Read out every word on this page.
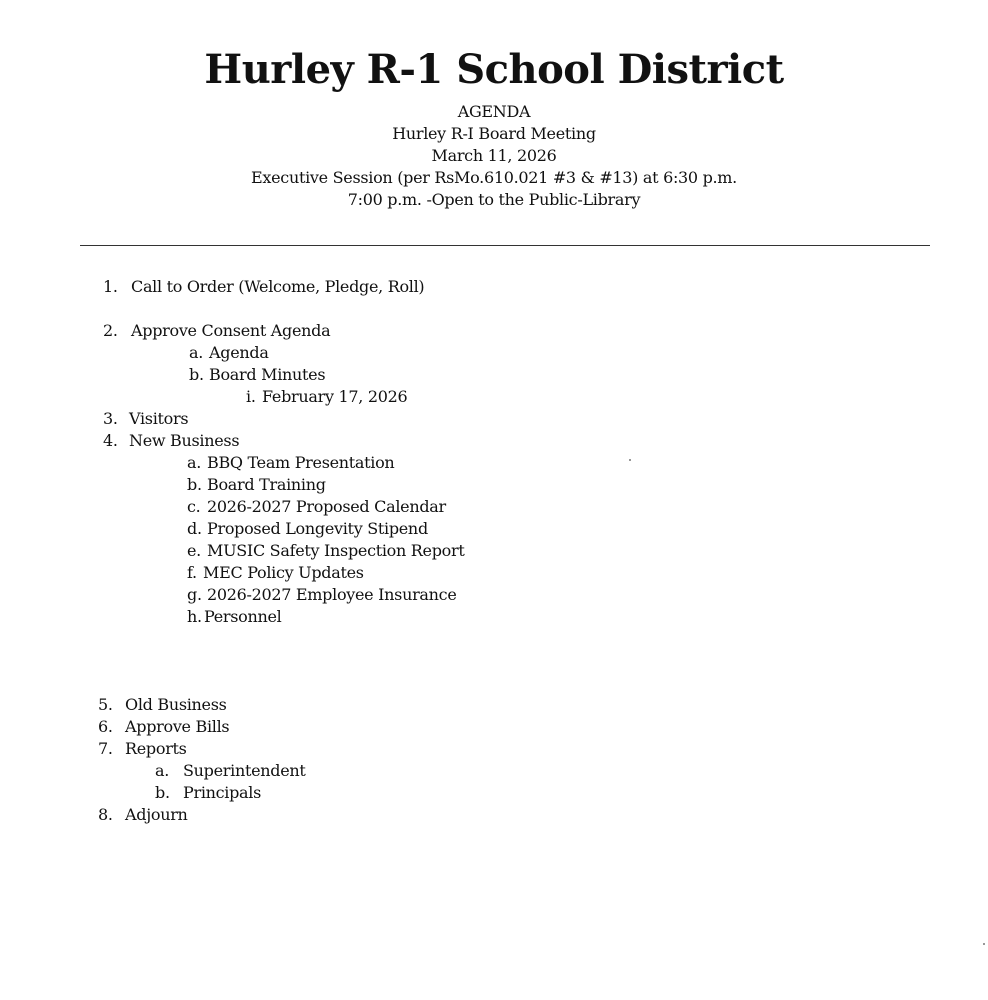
Hurley R-1 School District
AGENDA
Hurley R-I Board Meeting
March 11, 2026
Executive Session (per RsMo.610.021 #3 & #13) at 6:30 p.m.
7:00 p.m. -Open to the Public-Library
1. Call to Order (Welcome, Pledge, Roll)
2. Approve Consent Agenda
a. Agenda
b. Board Minutes
i. February 17, 2026
3. Visitors
4. New Business
a. BBQ Team Presentation
b. Board Training
c. 2026-2027 Proposed Calendar
d. Proposed Longevity Stipend
e. MUSIC Safety Inspection Report
f. MEC Policy Updates
g. 2026-2027 Employee Insurance
h. Personnel
5. Old Business
6. Approve Bills
7. Reports
a. Superintendent
b. Principals
8. Adjourn
